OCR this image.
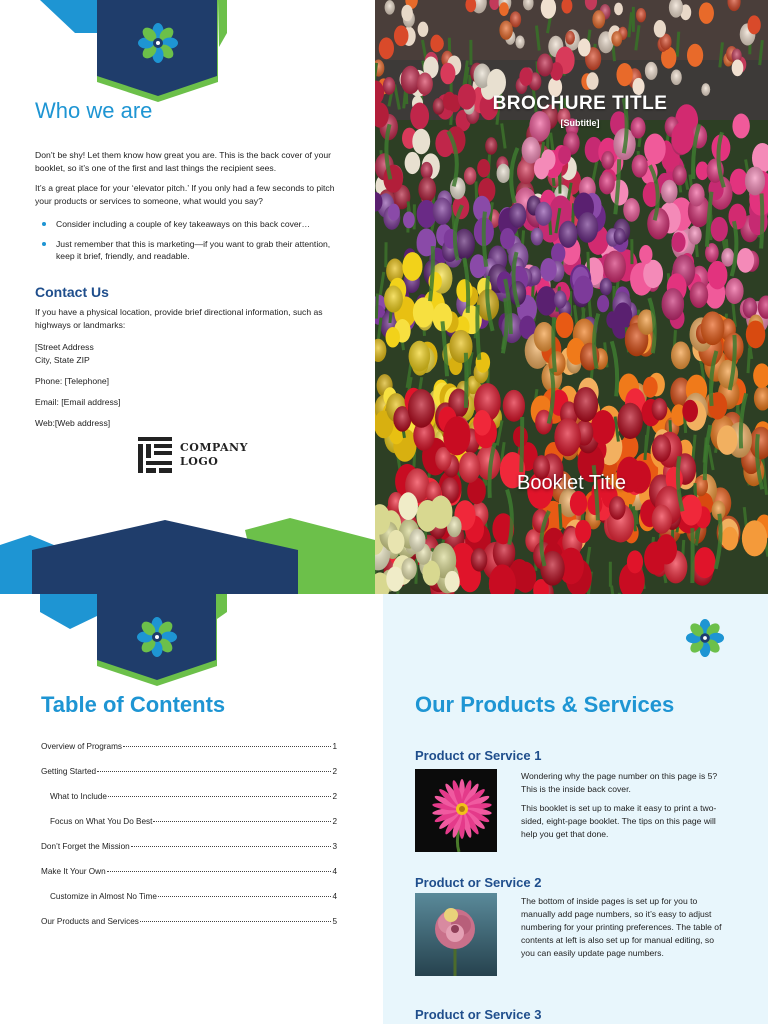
Who we are

Don’t be shy! Let them know how great you are. This is the back cover of your booklet, so it’s one of the first and last things the recipient sees.

It’s a great place for your ‘elevator pitch.’ If you only had a few seconds to pitch your products or services to someone, what would you say?

Consider including a couple of key takeaways on this back cover…
Just remember that this is marketing—if you want to grab their attention, keep it brief, friendly, and readable.
Contact Us

If you have a physical location, provide brief directional information, such as highways or landmarks:

[Street Address
City, State ZIP
Phone: [Telephone]
Email: [Email address]
Web:[Web address]
COMPANY
LOGO
BROCHURE TITLE
[Subtitle]
Booklet Title
Table of Contents
Overview of Programs	1
Getting Started	2
What to Include	2
Focus on What You Do Best	2
Don’t Forget the Mission	3
Make It Your Own	4
Customize in Almost No Time	4
Our Products and Services	5
Our Products & Services
Product or Service 1

Wondering why the page number on this page is 5? This is the inside back cover.

This booklet is set up to make it easy to print a two-sided, eight-page booklet. The tips on this page will help you get that done.

Product or Service 2

The bottom of inside pages is set up for you to manually add page numbers, so it’s easy to adjust numbering for your printing preferences. The table of contents at left is also set up for manual editing, so you can easily update page numbers.

Product or Service 3
